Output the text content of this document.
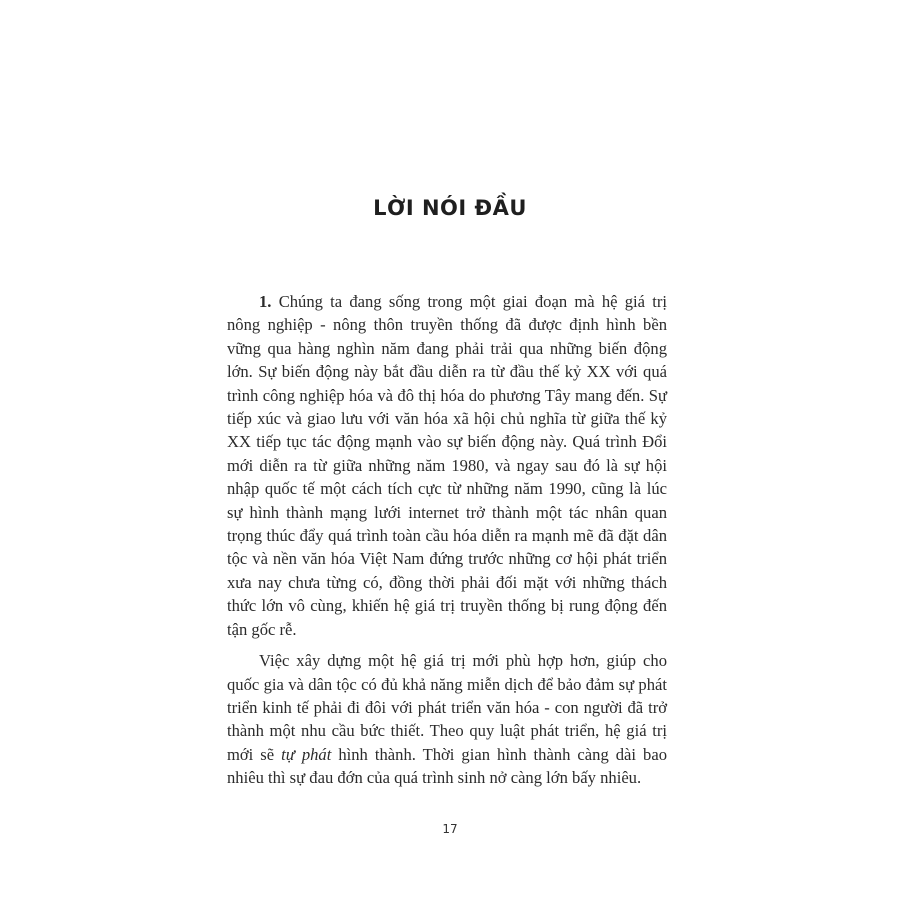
LỜI NÓI ĐẦU

1. Chúng ta đang sống trong một giai đoạn mà hệ giá trị nông nghiệp - nông thôn truyền thống đã được định hình bền vững qua hàng nghìn năm đang phải trải qua những biến động lớn. Sự biến động này bắt đầu diễn ra từ đầu thế kỷ XX với quá trình công nghiệp hóa và đô thị hóa do phương Tây mang đến. Sự tiếp xúc và giao lưu với văn hóa xã hội chủ nghĩa từ giữa thế kỷ XX tiếp tục tác động mạnh vào sự biến động này. Quá trình Đổi mới diễn ra từ giữa những năm 1980, và ngay sau đó là sự hội nhập quốc tế một cách tích cực từ những năm 1990, cũng là lúc sự hình thành mạng lưới internet trở thành một tác nhân quan trọng thúc đẩy quá trình toàn cầu hóa diễn ra mạnh mẽ đã đặt dân tộc và nền văn hóa Việt Nam đứng trước những cơ hội phát triển xưa nay chưa từng có, đồng thời phải đối mặt với những thách thức lớn vô cùng, khiến hệ giá trị truyền thống bị rung động đến tận gốc rễ.

Việc xây dựng một hệ giá trị mới phù hợp hơn, giúp cho quốc gia và dân tộc có đủ khả năng miễn dịch để bảo đảm sự phát triển kinh tế phải đi đôi với phát triển văn hóa - con người đã trở thành một nhu cầu bức thiết. Theo quy luật phát triển, hệ giá trị mới sẽ tự phát hình thành. Thời gian hình thành càng dài bao nhiêu thì sự đau đớn của quá trình sinh nở càng lớn bấy nhiêu.

17
